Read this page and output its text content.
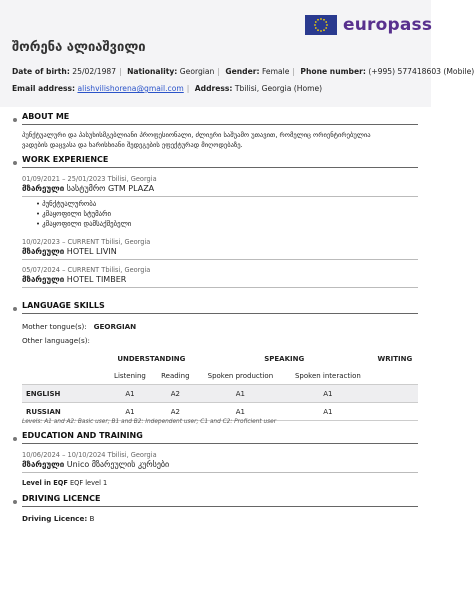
europass
შორენა ალიაშვილი
Date of birth: 25/02/1987 | Nationality: Georgian | Gender: Female | Phone number: (+995) 577418603 (Mobile)
Email address: alishvilishorena@gmail.com | Address: Tbilisi, Georgia (Home)
ABOUT ME
პუნქტუალური და პასუხისმგებლიანი პროფესიონალი, ძლიერი საშუამო უთავით, რომელიც ორიენტირებულია
ვადების დაცვასა და ხარისხიანი შედეგების ეფექტურად მიღოდებაზე.
WORK EXPERIENCE
01/09/2021 – 25/01/2023 Tbilisi, Georgia
მზარეული სასტუმრო GTM PLAZA
• პუნქტუალურობა
• კმაყოფილი სტუმარი
• კმაყოფილი დამსაქმებელი
10/02/2023 – CURRENT Tbilisi, Georgia
მზარეული HOTEL LIVIN
05/07/2024 – CURRENT Tbilisi, Georgia
მზარეული HOTEL TIMBER
LANGUAGE SKILLS
Mother tongue(s): GEORGIAN
Other language(s):
	UNDERSTANDING		SPEAKING		WRITING
	Listening	Reading	Spoken production	Spoken interaction	
ENGLISH	A1	A2	A1	A1	
RUSSIAN	A1	A2	A1	A1	
Levels: A1 and A2: Basic user; B1 and B2: Independent user; C1 and C2: Proficient user
EDUCATION AND TRAINING
10/06/2024 – 10/10/2024 Tbilisi, Georgia
მზარეული Unico მზარეულის კურსები
Level in EQF EQF level 1
DRIVING LICENCE
Driving Licence: B
